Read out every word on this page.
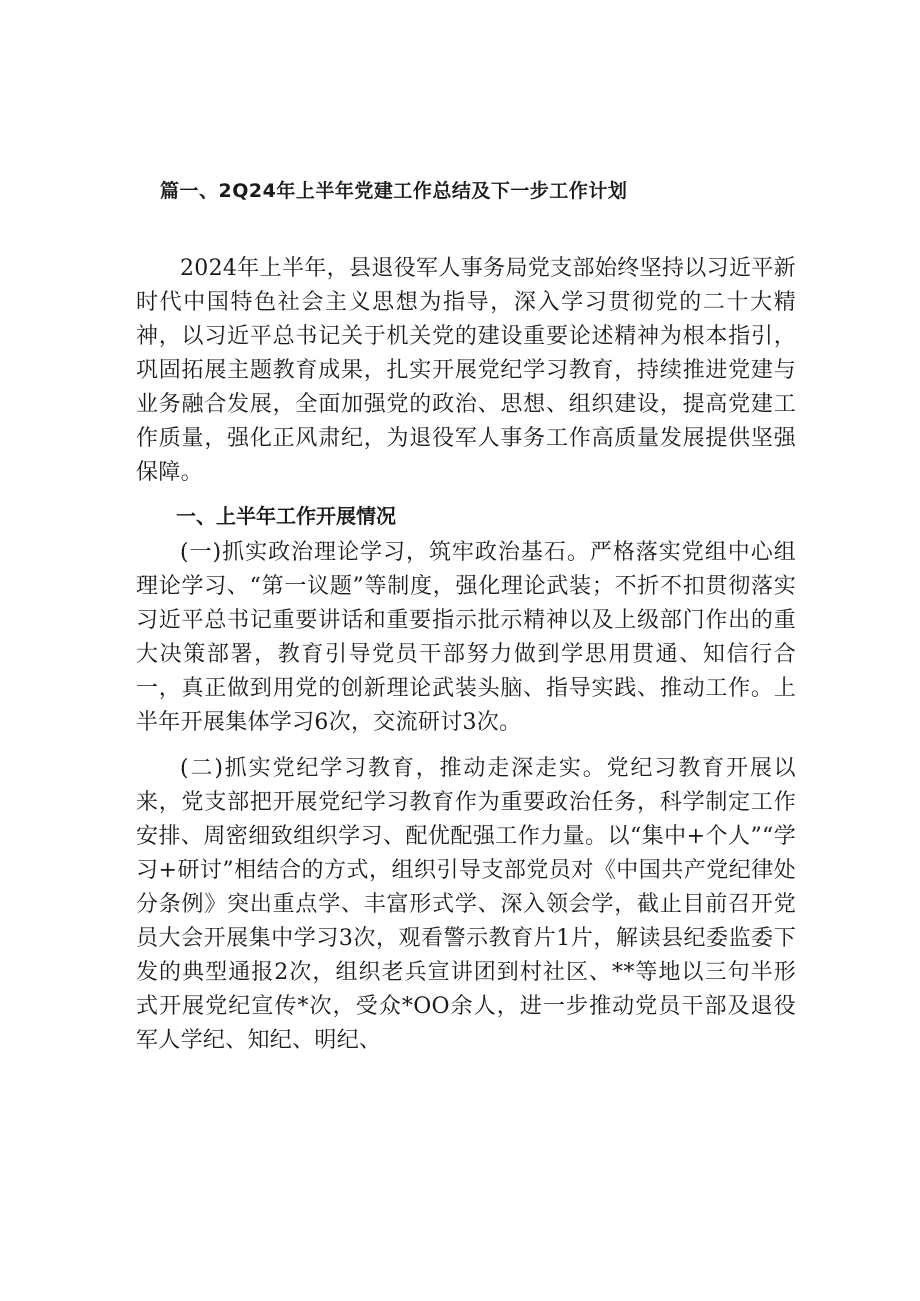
篇一、2Q24年上半年党建工作总结及下一步工作计划

2024年上半年，县退役军人事务局党支部始终坚持以习近平新时代中国特色社会主义思想为指导，深入学习贯彻党的二十大精神，以习近平总书记关于机关党的建设重要论述精神为根本指引，巩固拓展主题教育成果，扎实开展党纪学习教育，持续推进党建与业务融合发展，全面加强党的政治、思想、组织建设，提高党建工作质量，强化正风肃纪，为退役军人事务工作高质量发展提供坚强保障。

一、上半年工作开展情况

(一)抓实政治理论学习，筑牢政治基石。严格落实党组中心组理论学习、“第一议题”等制度，强化理论武装；不折不扣贯彻落实习近平总书记重要讲话和重要指示批示精神以及上级部门作出的重大决策部署，教育引导党员干部努力做到学思用贯通、知信行合一，真正做到用党的创新理论武装头脑、指导实践、推动工作。上半年开展集体学习6次，交流研讨3次。

(二)抓实党纪学习教育，推动走深走实。党纪习教育开展以来，党支部把开展党纪学习教育作为重要政治任务，科学制定工作安排、周密细致组织学习、配优配强工作力量。以“集中+个人”“学习+研讨”相结合的方式，组织引导支部党员对《中国共产党纪律处分条例》突出重点学、丰富形式学、深入领会学，截止目前召开党员大会开展集中学习3次，观看警示教育片1片，解读县纪委监委下发的典型通报2次，组织老兵宣讲团到村社区、**等地以三句半形式开展党纪宣传*次，受众*OO余人，进一步推动党员干部及退役军人学纪、知纪、明纪、
